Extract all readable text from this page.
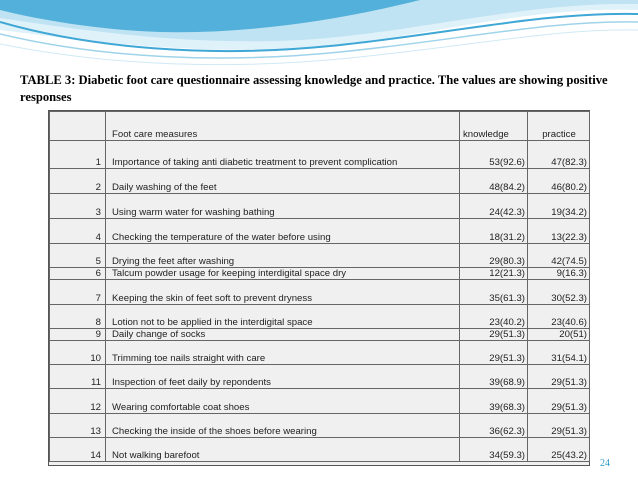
TABLE 3: Diabetic foot care questionnaire assessing knowledge and practice. The values are showing positive responses
	Foot care measures	knowledge	practice

1	Importance of taking anti diabetic treatment to prevent complication	53(92.6)	47(82.3)

2	Daily washing of the feet	48(84.2)	46(80.2)

3	Using warm water for washing bathing	24(42.3)	19(34.2)

4	Checking the temperature of the water before using	18(31.2)	13(22.3)

5	Drying the feet after washing	29(80.3)	42(74.5)

6	Talcum powder usage for keeping interdigital space dry	12(21.3)	9(16.3)

7	Keeping the skin of feet soft to prevent dryness	35(61.3)	30(52.3)

8	Lotion not to be applied in the interdigital space	23(40.2)	23(40.6)

9	Daily change of socks	29(51.3)	20(51)

10	Trimming toe nails straight with care	29(51.3)	31(54.1)

11	Inspection of feet daily by repondents	39(68.9)	29(51.3)

12	Wearing comfortable coat shoes	39(68.3)	29(51.3)

13	Checking the inside of the shoes before wearing	36(62.3)	29(51.3)

14	Not walking barefoot	34(59.3)	25(43.2)
24
